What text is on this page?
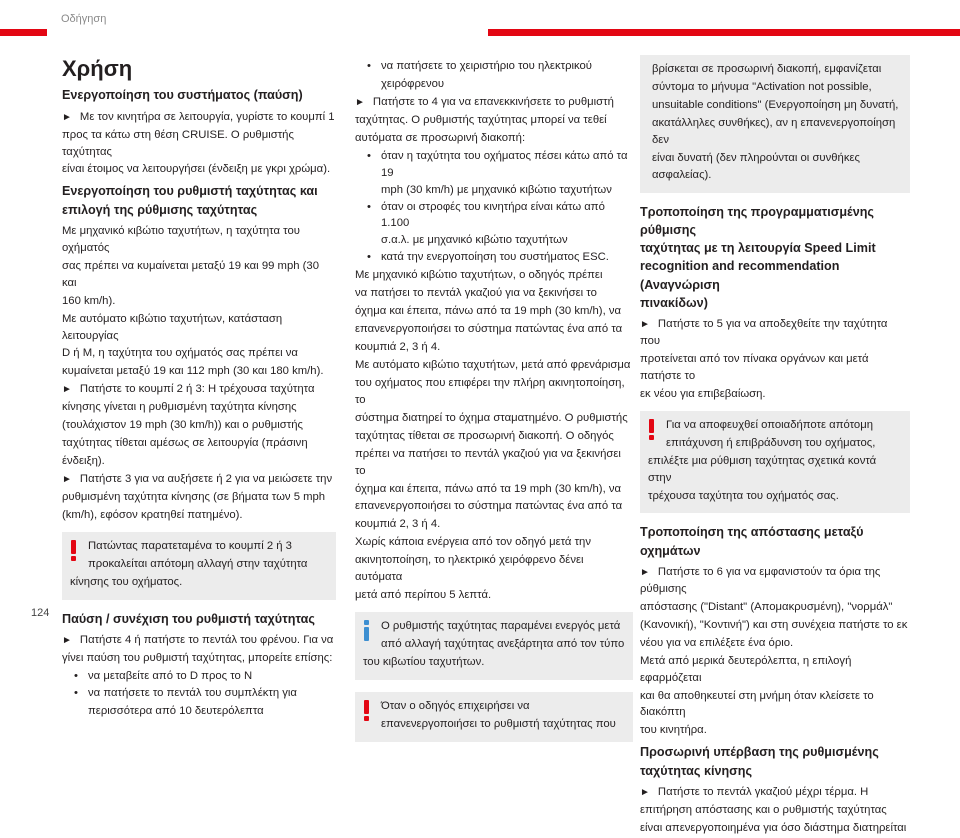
Οδήγηση
Χρήση
Ενεργοποίηση του συστήματος (παύση)

► Με τον κινητήρα σε λειτουργία, γυρίστε το κουμπί 1

προς τα κάτω στη θέση CRUISE. Ο ρυθμιστής ταχύτητας

είναι έτοιμος να λειτουργήσει (ένδειξη με γκρι χρώμα).

Ενεργοποίηση του ρυθμιστή ταχύτητας και
επιλογή της ρύθμισης ταχύτητας

Με μηχανικό κιβώτιο ταχυτήτων, η ταχύτητα του οχήματός

σας πρέπει να κυμαίνεται μεταξύ 19 και 99 mph (30 και

160 km/h).

Με αυτόματο κιβώτιο ταχυτήτων, κατάσταση λειτουργίας

D ή M, η ταχύτητα του οχήματός σας πρέπει να

κυμαίνεται μεταξύ 19 και 112 mph (30 και 180 km/h).

► Πατήστε το κουμπί 2 ή 3: Η τρέχουσα ταχύτητα

κίνησης γίνεται η ρυθμισμένη ταχύτητα κίνησης

(τουλάχιστον 19 mph (30 km/h)) και ο ρυθμιστής

ταχύτητας τίθεται αμέσως σε λειτουργία (πράσινη

ένδειξη).

► Πατήστε 3 για να αυξήσετε ή 2 για να μειώσετε την

ρυθμισμένη ταχύτητα κίνησης (σε βήματα των 5 mph

(km/h), εφόσον κρατηθεί πατημένο).

Πατώντας παρατεταμένα το κουμπί 2 ή 3

προκαλείται απότομη αλλαγή στην ταχύτητα

κίνησης του οχήματος.

Παύση / συνέχιση του ρυθμιστή ταχύτητας

► Πατήστε 4 ή πατήστε το πεντάλ του φρένου. Για να

γίνει παύση του ρυθμιστή ταχύτητας, μπορείτε επίσης:

• να μεταβείτε από το D προς το N
• να πατήσετε το πεντάλ του συμπλέκτη για

περισσότερα από 10 δευτερόλεπτα

• να πατήσετε το χειριστήριο του ηλεκτρικού

χειρόφρενου

► Πατήστε το 4 για να επανεκκινήσετε το ρυθμιστή

ταχύτητας. Ο ρυθμιστής ταχύτητας μπορεί να τεθεί

αυτόματα σε προσωρινή διακοπή:

• όταν η ταχύτητα του οχήματος πέσει κάτω από τα 19
mph (30 km/h) με μηχανικό κιβώτιο ταχυτήτων
• όταν οι στροφές του κινητήρα είναι κάτω από 1.100
σ.α.λ. με μηχανικό κιβώτιο ταχυτήτων
• κατά την ενεργοποίηση του συστήματος ESC.

Με μηχανικό κιβώτιο ταχυτήτων, ο οδηγός πρέπει

να πατήσει το πεντάλ γκαζιού για να ξεκινήσει το

όχημα και έπειτα, πάνω από τα 19 mph (30 km/h), να

επανενεργοποιήσει το σύστημα πατώντας ένα από τα

κουμπιά 2, 3 ή 4.

Με αυτόματο κιβώτιο ταχυτήτων, μετά από φρενάρισμα

του οχήματος που επιφέρει την πλήρη ακινητοποίηση, το

σύστημα διατηρεί το όχημα σταματημένο. Ο ρυθμιστής

ταχύτητας τίθεται σε προσωρινή διακοπή. Ο οδηγός

πρέπει να πατήσει το πεντάλ γκαζιού για να ξεκινήσει το

όχημα και έπειτα, πάνω από τα 19 mph (30 km/h), να

επανενεργοποιήσει το σύστημα πατώντας ένα από τα

κουμπιά 2, 3 ή 4.

Χωρίς κάποια ενέργεια από τον οδηγό μετά την

ακινητοποίηση, το ηλεκτρικό χειρόφρενο δένει αυτόματα

μετά από περίπου 5 λεπτά.

Ο ρυθμιστής ταχύτητας παραμένει ενεργός μετά

από αλλαγή ταχύτητας ανεξάρτητα από τον τύπο

του κιβωτίου ταχυτήτων.

Όταν ο οδηγός επιχειρήσει να

επανενεργοποιήσει το ρυθμιστή ταχύτητας που

βρίσκεται σε προσωρινή διακοπή, εμφανίζεται

σύντομα το μήνυμα "Activation not possible,

unsuitable conditions" (Ενεργοποίηση μη δυνατή,

ακατάλληλες συνθήκες), αν η επανενεργοποίηση δεν

είναι δυνατή (δεν πληρούνται οι συνθήκες ασφαλείας).

Τροποποίηση της προγραμματισμένης ρύθμισης
ταχύτητας με τη λειτουργία Speed Limit
recognition and recommendation (Αναγνώριση
πινακίδων)

► Πατήστε το 5 για να αποδεχθείτε την ταχύτητα που

προτείνεται από τον πίνακα οργάνων και μετά πατήστε το

εκ νέου για επιβεβαίωση.

Για να αποφευχθεί οποιαδήποτε απότομη

επιτάχυνση ή επιβράδυνση του οχήματος,

επιλέξτε μια ρύθμιση ταχύτητας σχετικά κοντά στην

τρέχουσα ταχύτητα του οχήματός σας.

Τροποποίηση της απόστασης μεταξύ οχημάτων

► Πατήστε το 6 για να εμφανιστούν τα όρια της ρύθμισης

απόστασης ("Distant" (Απομακρυσμένη), "νορμάλ"

(Κανονική), "Κοντινή") και στη συνέχεια πατήστε το εκ

νέου για να επιλέξετε ένα όριο.

Μετά από μερικά δευτερόλεπτα, η επιλογή εφαρμόζεται

και θα αποθηκευτεί στη μνήμη όταν κλείσετε το διακόπτη

του κινητήρα.

Προσωρινή υπέρβαση της ρυθμισμένης
ταχύτητας κίνησης

► Πατήστε το πεντάλ γκαζιού μέχρι τέρμα. Η

επιτήρηση απόστασης και ο ρυθμιστής ταχύτητας

είναι απενεργοποιημένα για όσο διάστημα διατηρείται

124
